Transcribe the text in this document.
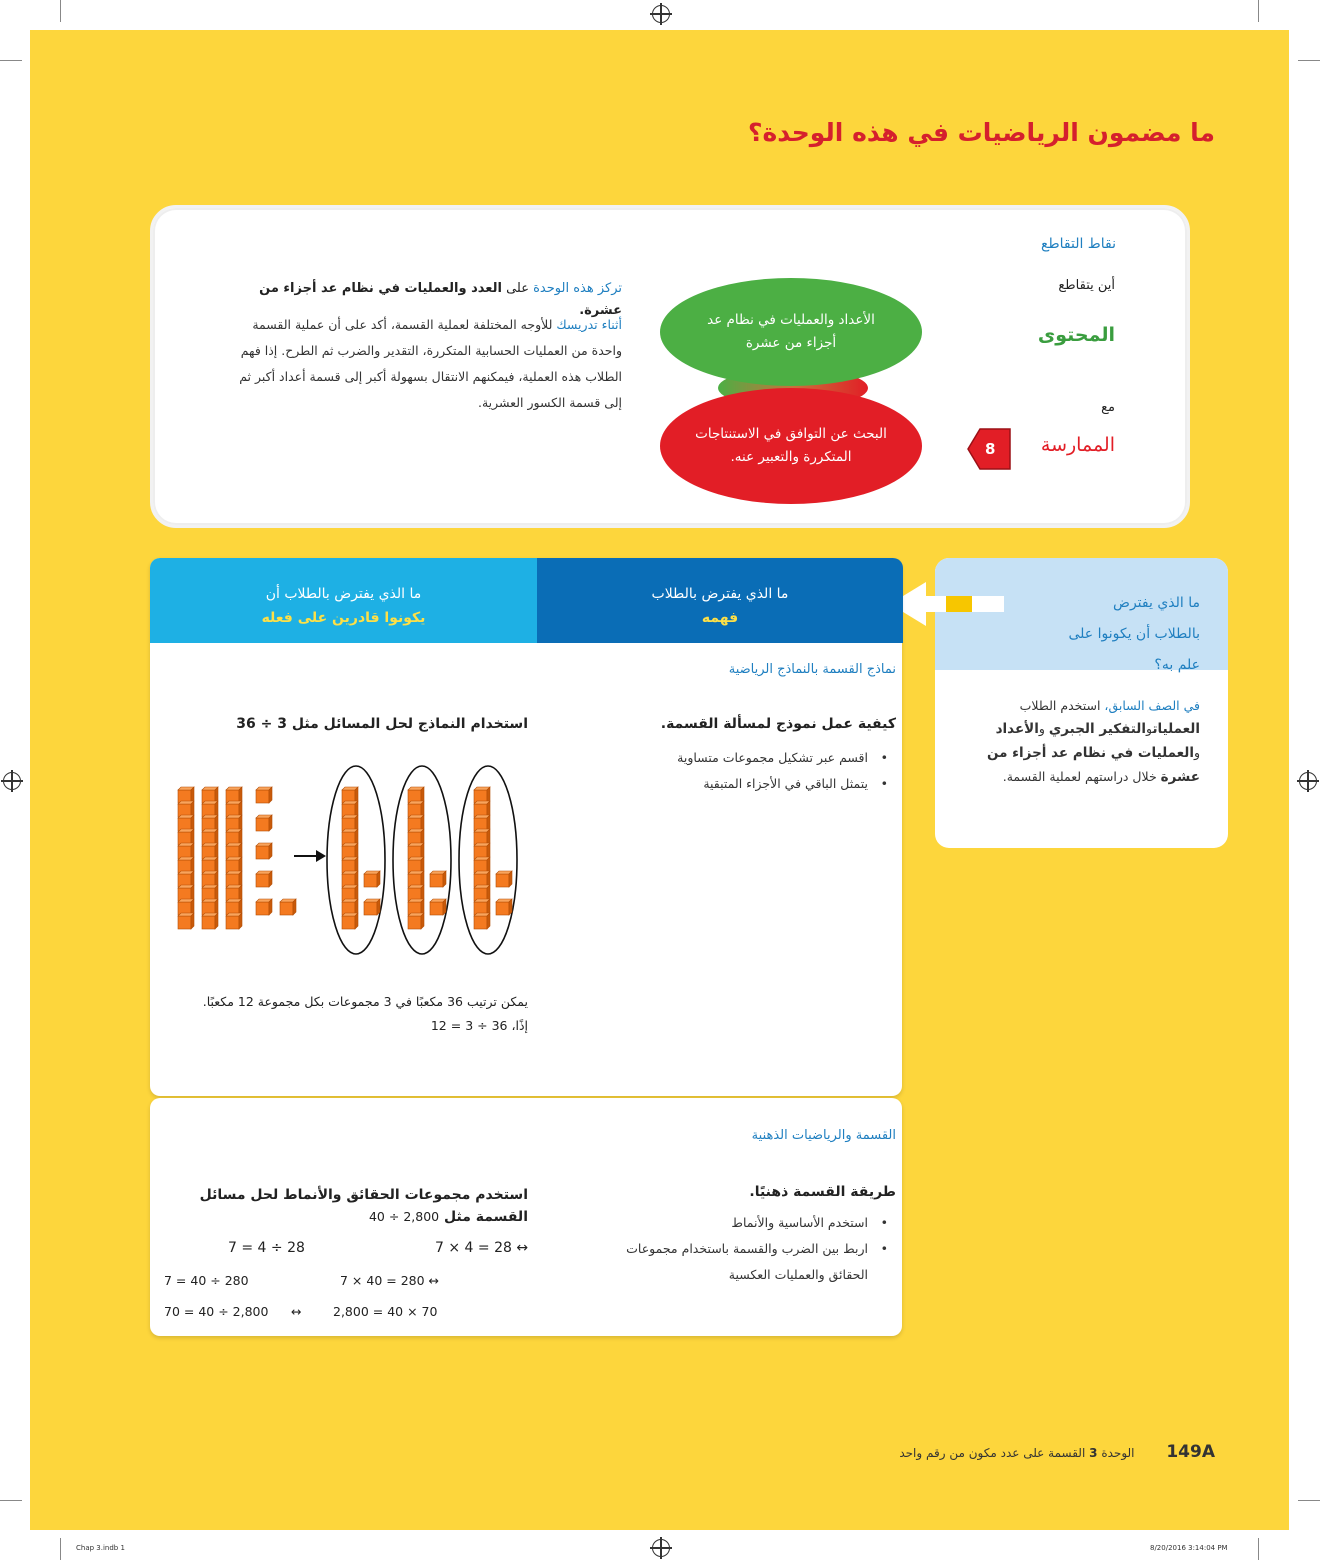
ما مضمون الرياضيات في هذه الوحدة؟
نقاط التقاطع
أين يتقاطع
المحتوى
مع
الممارسة
8
الأعداد والعمليات في نظام عد أجزاء من عشرة
البحث عن التوافق في الاستنتاجات المتكررة والتعبير عنه.
تركز هذه الوحدة على العدد والعمليات في نظام عد أجزاء من عشرة.
أثناء تدريسك للأوجه المختلفة لعملية القسمة، أكد على أن عملية القسمة واحدة من العمليات الحسابية المتكررة، التقدير والضرب ثم الطرح. إذا فهم الطلاب هذه العملية، فيمكنهم الانتقال بسهولة أكبر إلى قسمة أعداد أكبر ثم إلى قسمة الكسور العشرية.
ما الذي يفترض بالطلاب أن يكونوا على علم به؟
في الصف السابق، استخدم الطلاب العملياتوالتفكير الجبري والأعداد والعمليات في نظام عد أجزاء من عشرة خلال دراستهم لعملية القسمة.
ما الذي يفترض بالطلاب
فهمه
ما الذي يفترض بالطلاب أن
يكونوا قادرين على فعله
نماذج القسمة بالنماذج الرياضية
كيفية عمل نموذج لمسألة القسمة.
• اقسم عبر تشكيل مجموعات متساوية
• يتمثل الباقي في الأجزاء المتبقية
استخدام النماذج لحل المسائل مثل 3 ÷ 36
يمكن ترتيب 36 مكعبًا في 3 مجموعات بكل مجموعة 12 مكعبًا.
إذًا، 36 ÷ 3 = 12
القسمة والرياضيات الذهنية
طريقة القسمة ذهنيًا.
• استخدم الأساسية والأنماط
• اربط بين الضرب والقسمة باستخدام مجموعات الحقائق والعمليات العكسية
استخدم مجموعات الحقائق والأنماط لحل مسائل
القسمة مثل 2,800 ÷ 40
7 × 4 = 28 ↔
7 = 4 ÷ 28
7 × 40 = 280 ↔
7 = 40 ÷ 280
70 = 40 ÷ 2,800 ↔	2,800 = 40 × 70
149A الوحدة 3 القسمة على عدد مكون من رقم واحد
Chap 3.indb 1	8/20/2016 3:14:04 PM
